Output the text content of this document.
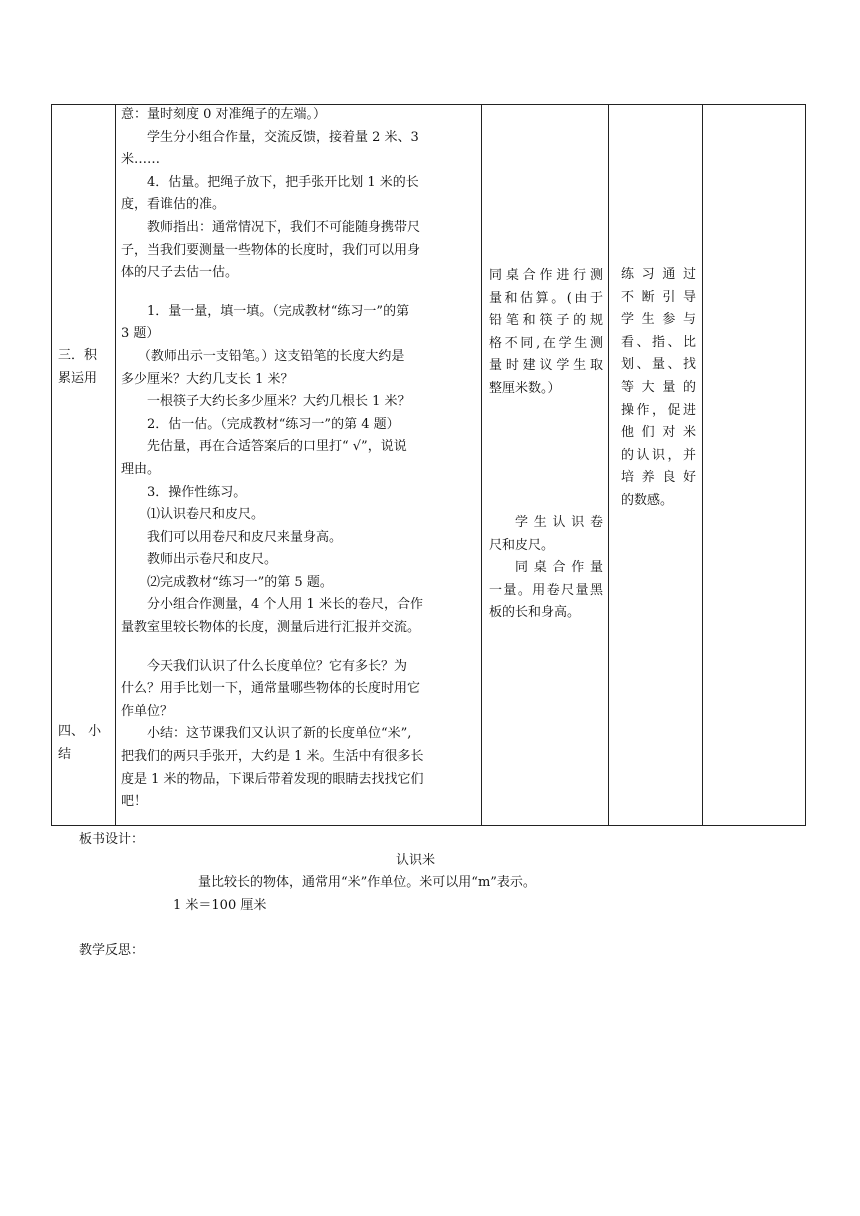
三．积
累运用
四、 小
结
意：量时刻度 0 对准绳子的左端。）
学生分小组合作量，交流反馈，接着量 2 米、3
米……
4．估量。把绳子放下，把手张开比划 1 米的长
度，看谁估的准。
教师指出：通常情况下，我们不可能随身携带尺
子，当我们要测量一些物体的长度时，我们可以用身
体的尺子去估一估。
1．量一量，填一填。（完成教材“练习一”的第
3 题）
（教师出示一支铅笔。）这支铅笔的长度大约是
多少厘米？大约几支长 1 米？
一根筷子大约长多少厘米？大约几根长 1 米？
2．估一估。（完成教材“练习一”的第 4 题）
先估量，再在合适答案后的口里打“ √”，说说
理由。
3．操作性练习。
⑴认识卷尺和皮尺。
我们可以用卷尺和皮尺来量身高。
教师出示卷尺和皮尺。
⑵完成教材“练习一”的第 5 题。
分小组合作测量，4 个人用 1 米长的卷尺，合作
量教室里较长物体的长度，测量后进行汇报并交流。
今天我们认识了什么长度单位？它有多长？为
什么？用手比划一下，通常量哪些物体的长度时用它
作单位？
小结：这节课我们又认识了新的长度单位“米”,
把我们的两只手张开，大约是 1 米。生活中有很多长
度是 1 米的物品，下课后带着发现的眼睛去找找它们
吧！
同桌合作进行测
量和估算。(由于
铅笔和筷子的规
格不同,在学生测
量时建议学生取
整厘米数。）
学生认识卷
尺和皮尺。
同桌合作量
一量。用卷尺量黑
板的长和身高。
练习通过
不断引导
学生参与
看、指、比
划、量、找
等大量的
操作，促进
他们对米
的认识，并
培养良好
的数感。
板书设计：
认识米
量比较长的物体，通常用“米”作单位。米可以用“m”表示。
1 米＝100 厘米
教学反思：
